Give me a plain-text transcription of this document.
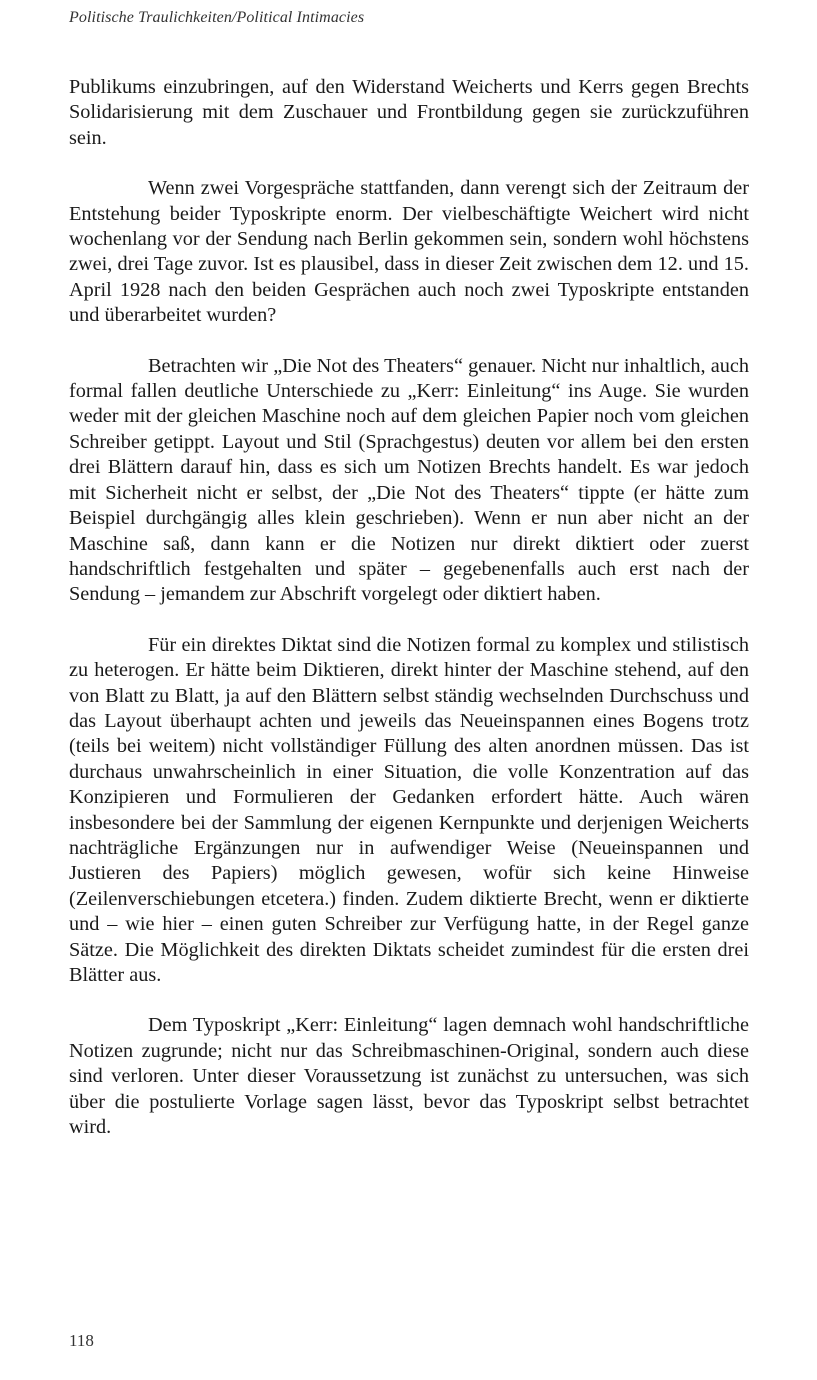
Politische Traulichkeiten/Political Intimacies

Publikums einzubringen, auf den Widerstand Weicherts und Kerrs gegen Brechts Solidarisierung mit dem Zuschauer und Frontbildung gegen sie zurückzuführen sein.

Wenn zwei Vorgespräche stattfanden, dann verengt sich der Zeitraum der Entstehung beider Typoskripte enorm. Der vielbeschäftigte Weichert wird nicht wochenlang vor der Sendung nach Berlin gekommen sein, sondern wohl höchstens zwei, drei Tage zuvor. Ist es plausibel, dass in dieser Zeit zwischen dem 12. und 15. April 1928 nach den beiden Gesprächen auch noch zwei Typoskripte entstanden und überarbeitet wurden?

Betrachten wir „Die Not des Theaters“ genauer. Nicht nur inhaltlich, auch formal fallen deutliche Unterschiede zu „Kerr: Einleitung“ ins Auge. Sie wurden weder mit der gleichen Maschine noch auf dem gleichen Papier noch vom gleichen Schreiber getippt. Layout und Stil (Sprachgestus) deuten vor allem bei den ersten drei Blättern darauf hin, dass es sich um Notizen Brechts handelt. Es war jedoch mit Sicherheit nicht er selbst, der „Die Not des Theaters“ tippte (er hätte zum Beispiel durchgängig alles klein geschrieben). Wenn er nun aber nicht an der Maschine saß, dann kann er die Notizen nur direkt diktiert oder zuerst handschriftlich festgehalten und später – gegebenenfalls auch erst nach der Sendung – jemandem zur Abschrift vorgelegt oder diktiert haben.

Für ein direktes Diktat sind die Notizen formal zu komplex und stilistisch zu heterogen. Er hätte beim Diktieren, direkt hinter der Maschine stehend, auf den von Blatt zu Blatt, ja auf den Blättern selbst ständig wechselnden Durchschuss und das Layout überhaupt achten und jeweils das Neueinspannen eines Bogens trotz (teils bei weitem) nicht vollständiger Füllung des alten anordnen müssen. Das ist durchaus unwahrscheinlich in einer Situation, die volle Konzentration auf das Konzipieren und Formulieren der Gedanken erfordert hätte. Auch wären insbesondere bei der Sammlung der eigenen Kernpunkte und derjenigen Weicherts nachträgliche Ergänzungen nur in aufwendiger Weise (Neueinspannen und Justieren des Papiers) möglich gewesen, wofür sich keine Hinweise (Zeilenverschiebungen etcetera.) finden. Zudem diktierte Brecht, wenn er diktierte und – wie hier – einen guten Schreiber zur Verfügung hatte, in der Regel ganze Sätze. Die Möglichkeit des direkten Diktats scheidet zumindest für die ersten drei Blätter aus.

Dem Typoskript „Kerr: Einleitung“ lagen demnach wohl handschriftliche Notizen zugrunde; nicht nur das Schreibmaschinen-Original, sondern auch diese sind verloren. Unter dieser Voraussetzung ist zunächst zu untersuchen, was sich über die postulierte Vorlage sagen lässt, bevor das Typoskript selbst betrachtet wird.

118
